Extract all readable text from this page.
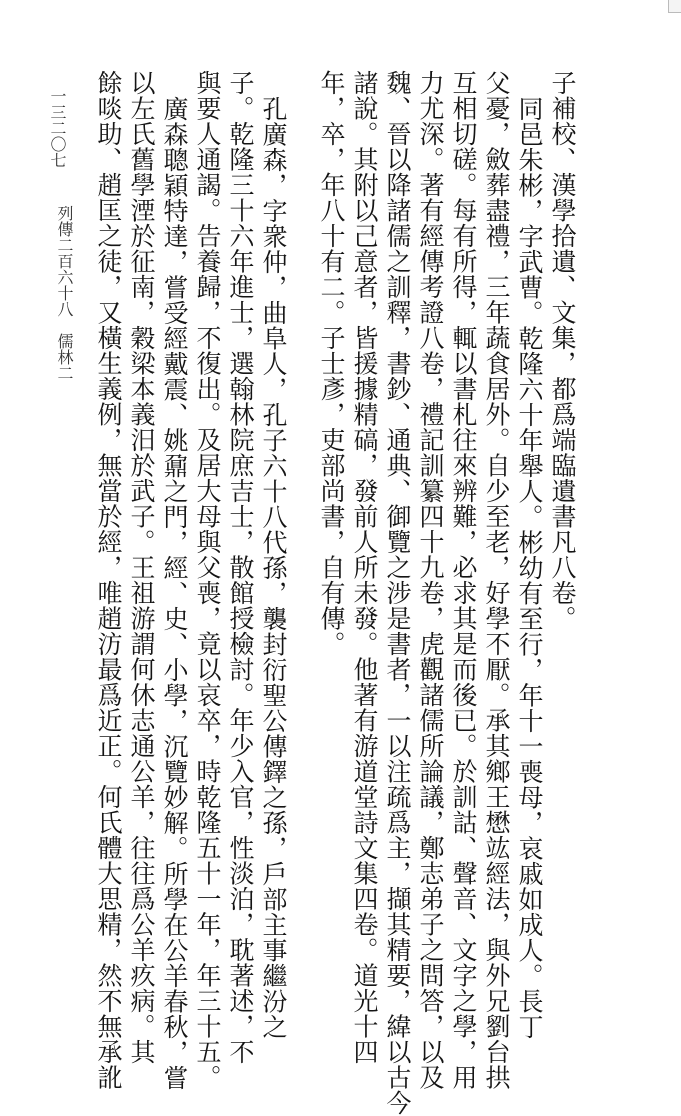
一三二〇七	子補校、漢學拾遺、文集，都爲端臨遺書凡八卷。
同邑朱彬，字武曹。乾隆六十年舉人。彬幼有至行，年十一喪母，哀戚如成人。長丁
父憂，斂葬盡禮，三年蔬食居外。自少至老，好學不厭。承其鄉王懋竑經法，與外兄劉台拱
互相切磋。每有所得，輒以書札往來辨難，必求其是而後已。於訓詁、聲音、文字之學，用
力尤深。著有經傳考證八卷，禮記訓纂四十九卷，虎觀諸儒所論議，鄭志弟子之問答，以及
魏、晉以降諸儒之訓釋，書鈔、通典、御覽之涉是書者，一以注疏爲主，擷其精要，緯以古今
諸說。其附以己意者，皆援據精碻，發前人所未發。他著有游道堂詩文集四卷。道光十四
年，卒，年八十有二。子士彥，吏部尚書，自有傳。
孔廣森，字衆仲，曲阜人，孔子六十八代孫，襲封衍聖公傳鐸之孫，戶部主事繼汾之
子。乾隆三十六年進士，選翰林院庶吉士，散館授檢討。年少入官，性淡泊，耽著述，不
與要人通謁。告養歸，不復出。及居大母與父喪，竟以哀卒，時乾隆五十一年，年三十五。
廣森聰穎特達，嘗受經戴震、姚鼐之門，經、史、小學，沉覽妙解。所學在公羊春秋，嘗
以左氏舊學湮於征南，穀梁本義汨於武子。王祖游謂何休志通公羊，往往爲公羊疚病。其
餘啖助、趙匡之徒，又橫生義例，無當於經，唯趙汸最爲近正。何氏體大思精，然不無承訛
列傳二百六十八　儒林二
